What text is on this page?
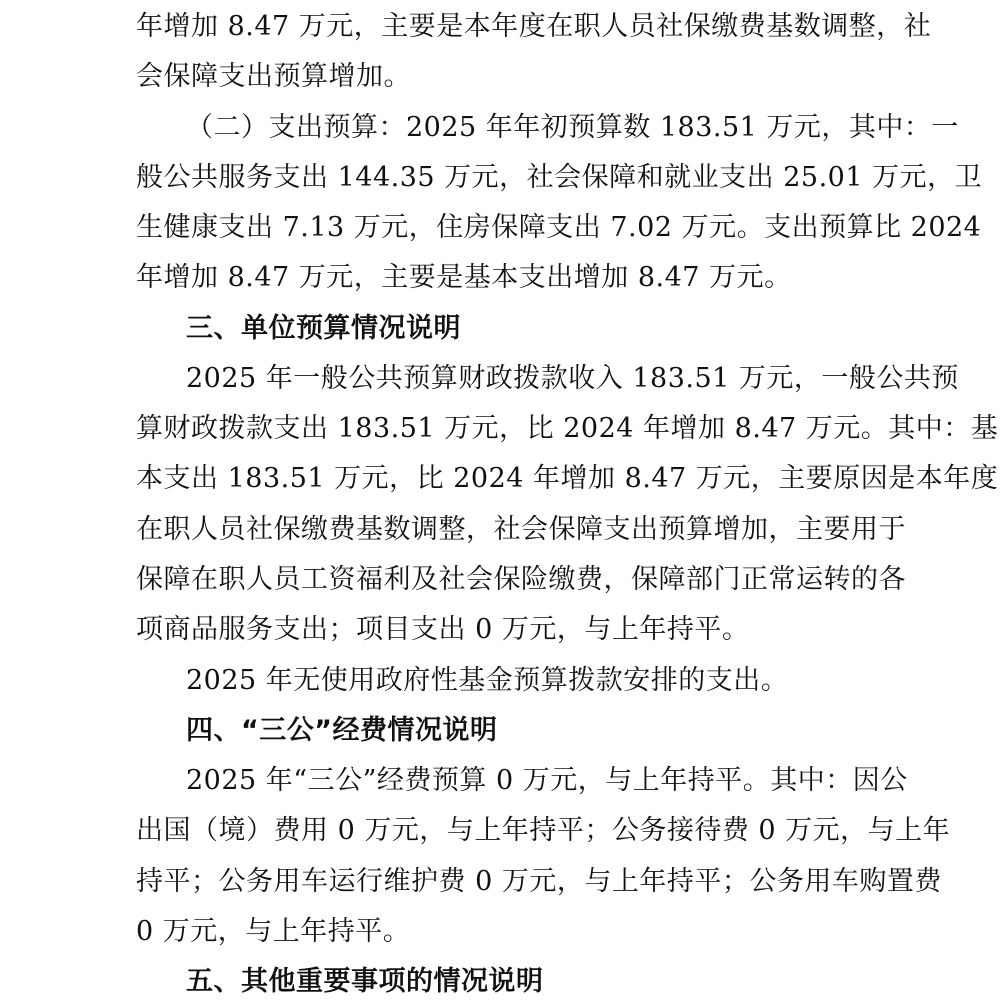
年增加 8.47 万元，主要是本年度在职人员社保缴费基数调整，社
会保障支出预算增加。
（二）支出预算：2025 年年初预算数 183.51 万元，其中：一
般公共服务支出 144.35 万元，社会保障和就业支出 25.01 万元，卫
生健康支出 7.13 万元，住房保障支出 7.02 万元。支出预算比 2024
年增加 8.47 万元，主要是基本支出增加 8.47 万元。
三、单位预算情况说明
2025 年一般公共预算财政拨款收入 183.51 万元，一般公共预
算财政拨款支出 183.51 万元，比 2024 年增加 8.47 万元。其中：基
本支出 183.51 万元，比 2024 年增加 8.47 万元，主要原因是本年度
在职人员社保缴费基数调整，社会保障支出预算增加，主要用于
保障在职人员工资福利及社会保险缴费，保障部门正常运转的各
项商品服务支出；项目支出 0 万元，与上年持平。
2025 年无使用政府性基金预算拨款安排的支出。
四、“三公”经费情况说明
2025 年“三公”经费预算 0 万元，与上年持平。其中：因公
出国（境）费用 0 万元，与上年持平；公务接待费 0 万元，与上年
持平；公务用车运行维护费 0 万元，与上年持平；公务用车购置费
0 万元，与上年持平。
五、其他重要事项的情况说明
